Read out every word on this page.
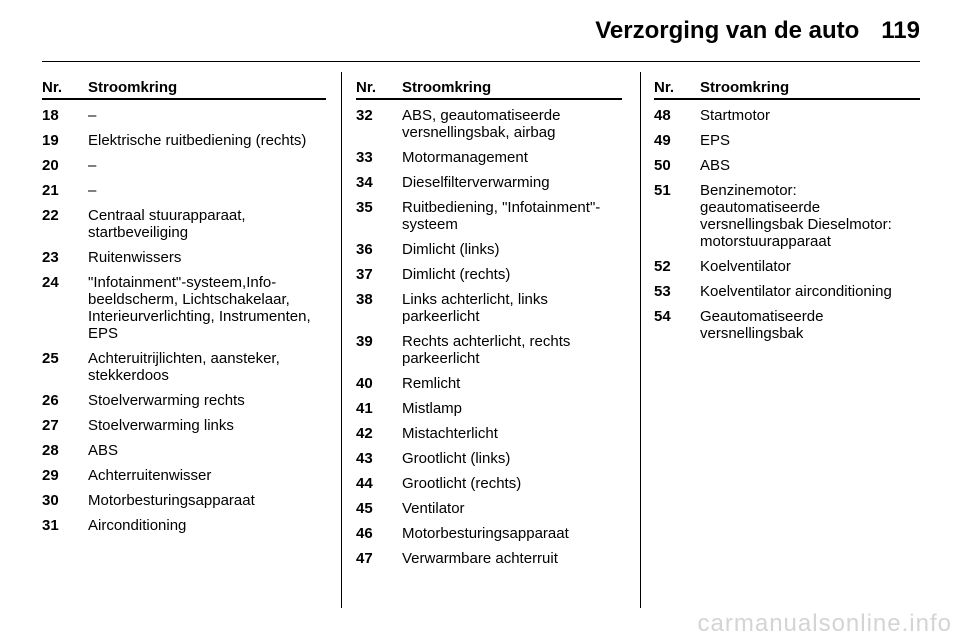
Verzorging van de auto 119
Nr.	Stroomkring
18	–
19	Elektrische ruitbediening (rechts)
20	–
21	–
22	Centraal stuurapparaat, startbeveiliging
23	Ruitenwissers
24	"Infotainment"-systeem,Info-beeldscherm, Lichtschakelaar, Interieurverlichting, Instrumenten, EPS
25	Achteruitrijlichten, aansteker, stekkerdoos
26	Stoelverwarming rechts
27	Stoelverwarming links
28	ABS
29	Achterruitenwisser
30	Motorbesturingsapparaat
31	Airconditioning
Nr.	Stroomkring
32	ABS, geautomatiseerde versnellingsbak, airbag
33	Motormanagement
34	Dieselfilterverwarming
35	Ruitbediening, "Infotainment"-systeem
36	Dimlicht (links)
37	Dimlicht (rechts)
38	Links achterlicht, links parkeerlicht
39	Rechts achterlicht, rechts parkeerlicht
40	Remlicht
41	Mistlamp
42	Mistachterlicht
43	Grootlicht (links)
44	Grootlicht (rechts)
45	Ventilator
46	Motorbesturingsapparaat
47	Verwarmbare achterruit
Nr.	Stroomkring
48	Startmotor
49	EPS
50	ABS
51	Benzinemotor: geautomatiseerde versnellingsbak Dieselmotor: motorstuurapparaat
52	Koelventilator
53	Koelventilator airconditioning
54	Geautomatiseerde versnellingsbak
carmanualsonline.info
